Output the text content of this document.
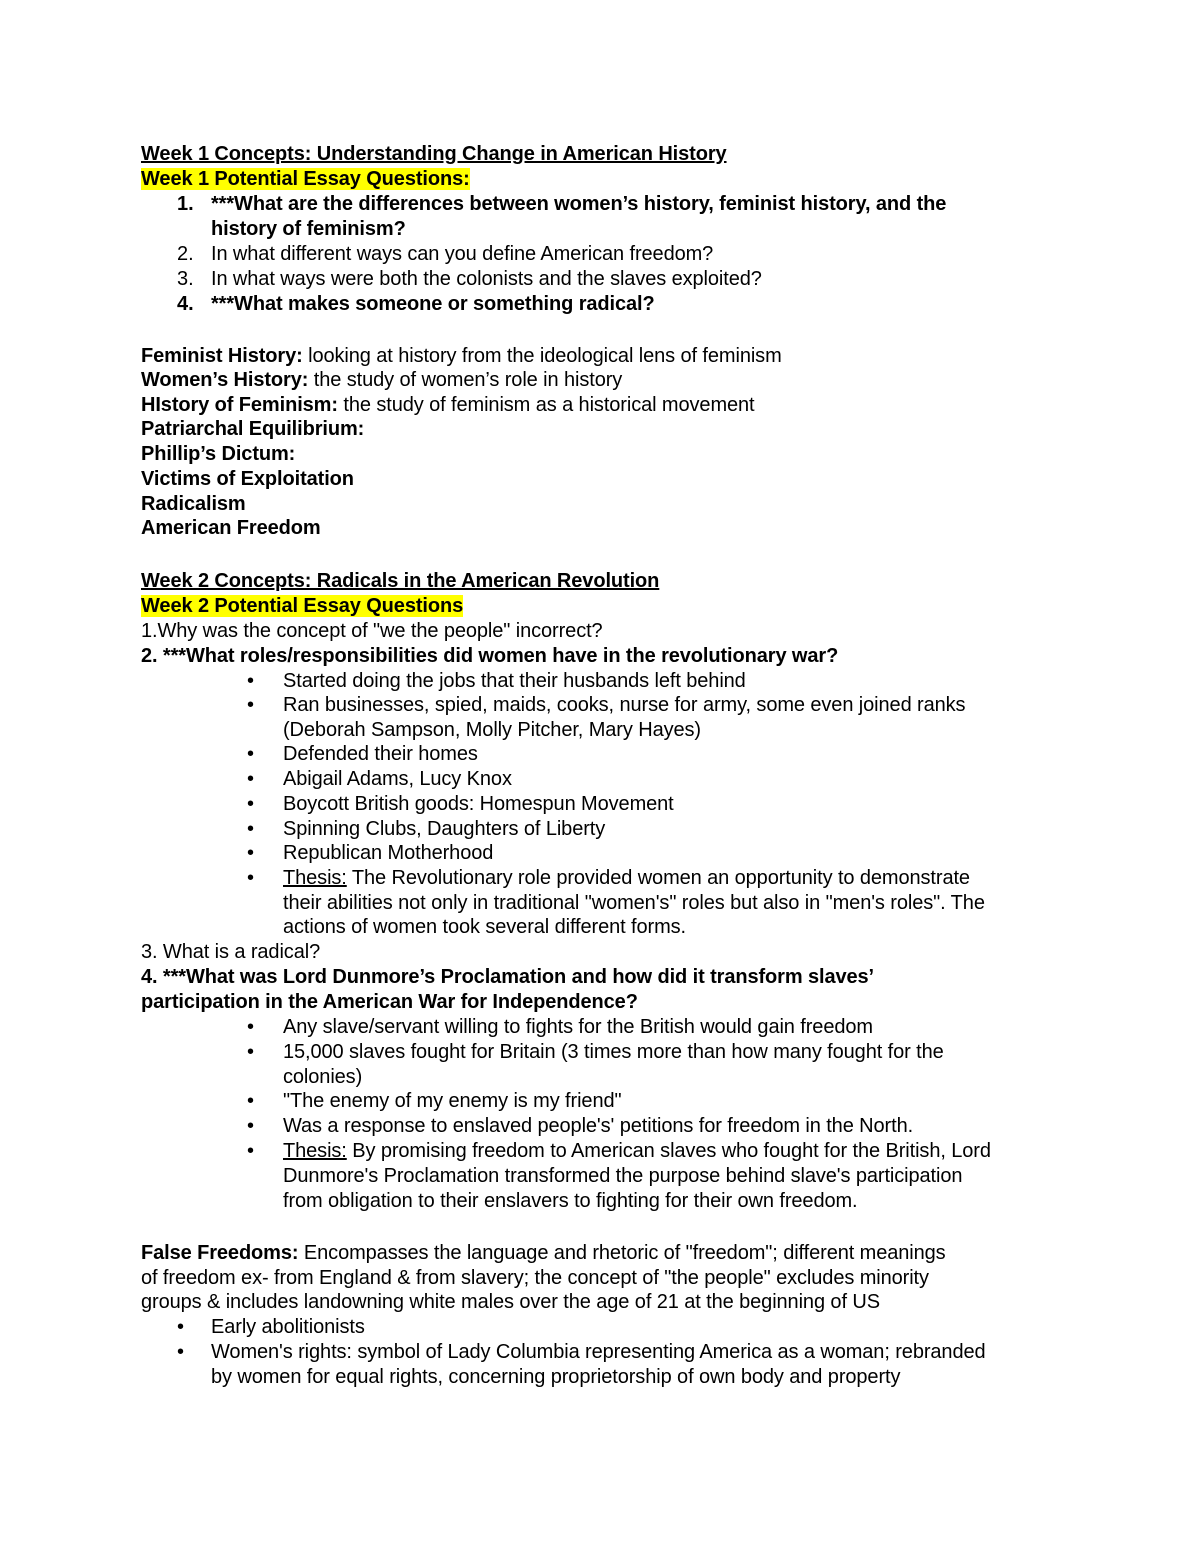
Week 1 Concepts: Understanding Change in American History
Week 1 Potential Essay Questions:
1. ***What are the differences between women’s history, feminist history, and the
history of feminism?
2. In what different ways can you define American freedom?
3. In what ways were both the colonists and the slaves exploited?
4. ***What makes someone or something radical?
Feminist History: looking at history from the ideological lens of feminism
Women’s History: the study of women’s role in history
HIstory of Feminism: the study of feminism as a historical movement
Patriarchal Equilibrium:
Phillip’s Dictum:
Victims of Exploitation
Radicalism
American Freedom
Week 2 Concepts: Radicals in the American Revolution
Week 2 Potential Essay Questions
1.Why was the concept of "we the people" incorrect?
2. ***What roles/responsibilities did women have in the revolutionary war?
• Started doing the jobs that their husbands left behind
• Ran businesses, spied, maids, cooks, nurse for army, some even joined ranks
(Deborah Sampson, Molly Pitcher, Mary Hayes)
• Defended their homes
• Abigail Adams, Lucy Knox
• Boycott British goods: Homespun Movement
• Spinning Clubs, Daughters of Liberty
• Republican Motherhood
• Thesis: The Revolutionary role provided women an opportunity to demonstrate
their abilities not only in traditional "women's" roles but also in "men's roles". The
actions of women took several different forms.
3. What is a radical?
4. ***What was Lord Dunmore’s Proclamation and how did it transform slaves’
participation in the American War for Independence?
• Any slave/servant willing to fights for the British would gain freedom
• 15,000 slaves fought for Britain (3 times more than how many fought for the
colonies)
• "The enemy of my enemy is my friend"
• Was a response to enslaved people's' petitions for freedom in the North.
• Thesis: By promising freedom to American slaves who fought for the British, Lord
Dunmore's Proclamation transformed the purpose behind slave's participation
from obligation to their enslavers to fighting for their own freedom.
False Freedoms: Encompasses the language and rhetoric of "freedom"; different meanings
of freedom ex- from England & from slavery; the concept of "the people" excludes minority
groups & includes landowning white males over the age of 21 at the beginning of US
• Early abolitionists
• Women's rights: symbol of Lady Columbia representing America as a woman; rebranded
by women for equal rights, concerning proprietorship of own body and property
